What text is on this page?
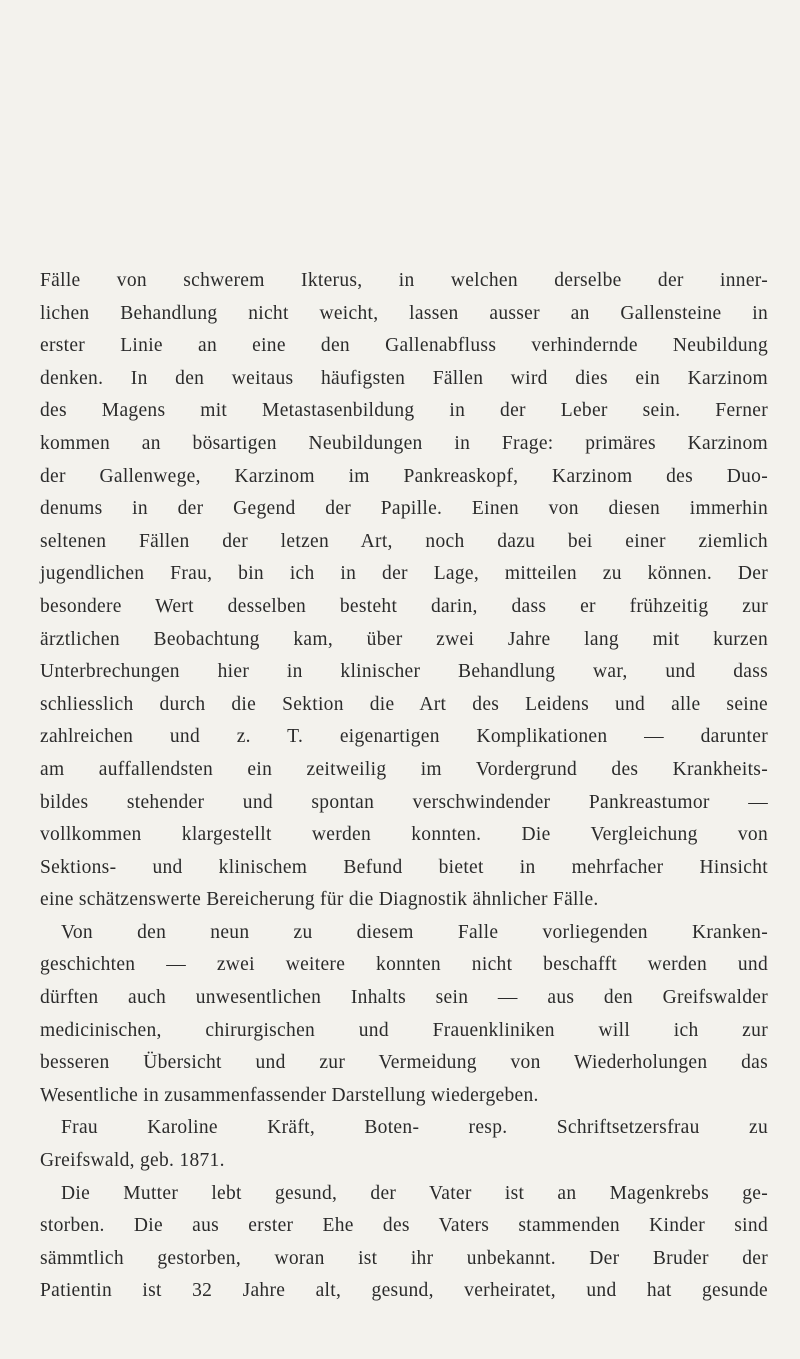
Fälle von schwerem Ikterus, in welchen derselbe der inner-
lichen Behandlung nicht weicht, lassen ausser an Gallensteine in
erster Linie an eine den Gallenabfluss verhindernde Neubildung
denken. In den weitaus häufigsten Fällen wird dies ein Karzinom
des Magens mit Metastasenbildung in der Leber sein. Ferner
kommen an bösartigen Neubildungen in Frage: primäres Karzinom
der Gallenwege, Karzinom im Pankreaskopf, Karzinom des Duo-
denums in der Gegend der Papille. Einen von diesen immerhin
seltenen Fällen der letzen Art, noch dazu bei einer ziemlich
jugendlichen Frau, bin ich in der Lage, mitteilen zu können. Der
besondere Wert desselben besteht darin, dass er frühzeitig zur
ärztlichen Beobachtung kam, über zwei Jahre lang mit kurzen
Unterbrechungen hier in klinischer Behandlung war, und dass
schliesslich durch die Sektion die Art des Leidens und alle seine
zahlreichen und z. T. eigenartigen Komplikationen — darunter
am auffallendsten ein zeitweilig im Vordergrund des Krankheits-
bildes stehender und spontan verschwindender Pankreastumor —
vollkommen klargestellt werden konnten. Die Vergleichung von
Sektions- und klinischem Befund bietet in mehrfacher Hinsicht
eine schätzenswerte Bereicherung für die Diagnostik ähnlicher Fälle.
Von den neun zu diesem Falle vorliegenden Kranken-
geschichten — zwei weitere konnten nicht beschafft werden und
dürften auch unwesentlichen Inhalts sein — aus den Greifswalder
medicinischen, chirurgischen und Frauenkliniken will ich zur
besseren Übersicht und zur Vermeidung von Wiederholungen das
Wesentliche in zusammenfassender Darstellung wiedergeben.
Frau Karoline Kräft, Boten- resp. Schriftsetzersfrau zu
Greifswald, geb. 1871.
Die Mutter lebt gesund, der Vater ist an Magenkrebs ge-
storben. Die aus erster Ehe des Vaters stammenden Kinder sind
sämmtlich gestorben, woran ist ihr unbekannt. Der Bruder der
Patientin ist 32 Jahre alt, gesund, verheiratet, und hat gesunde
